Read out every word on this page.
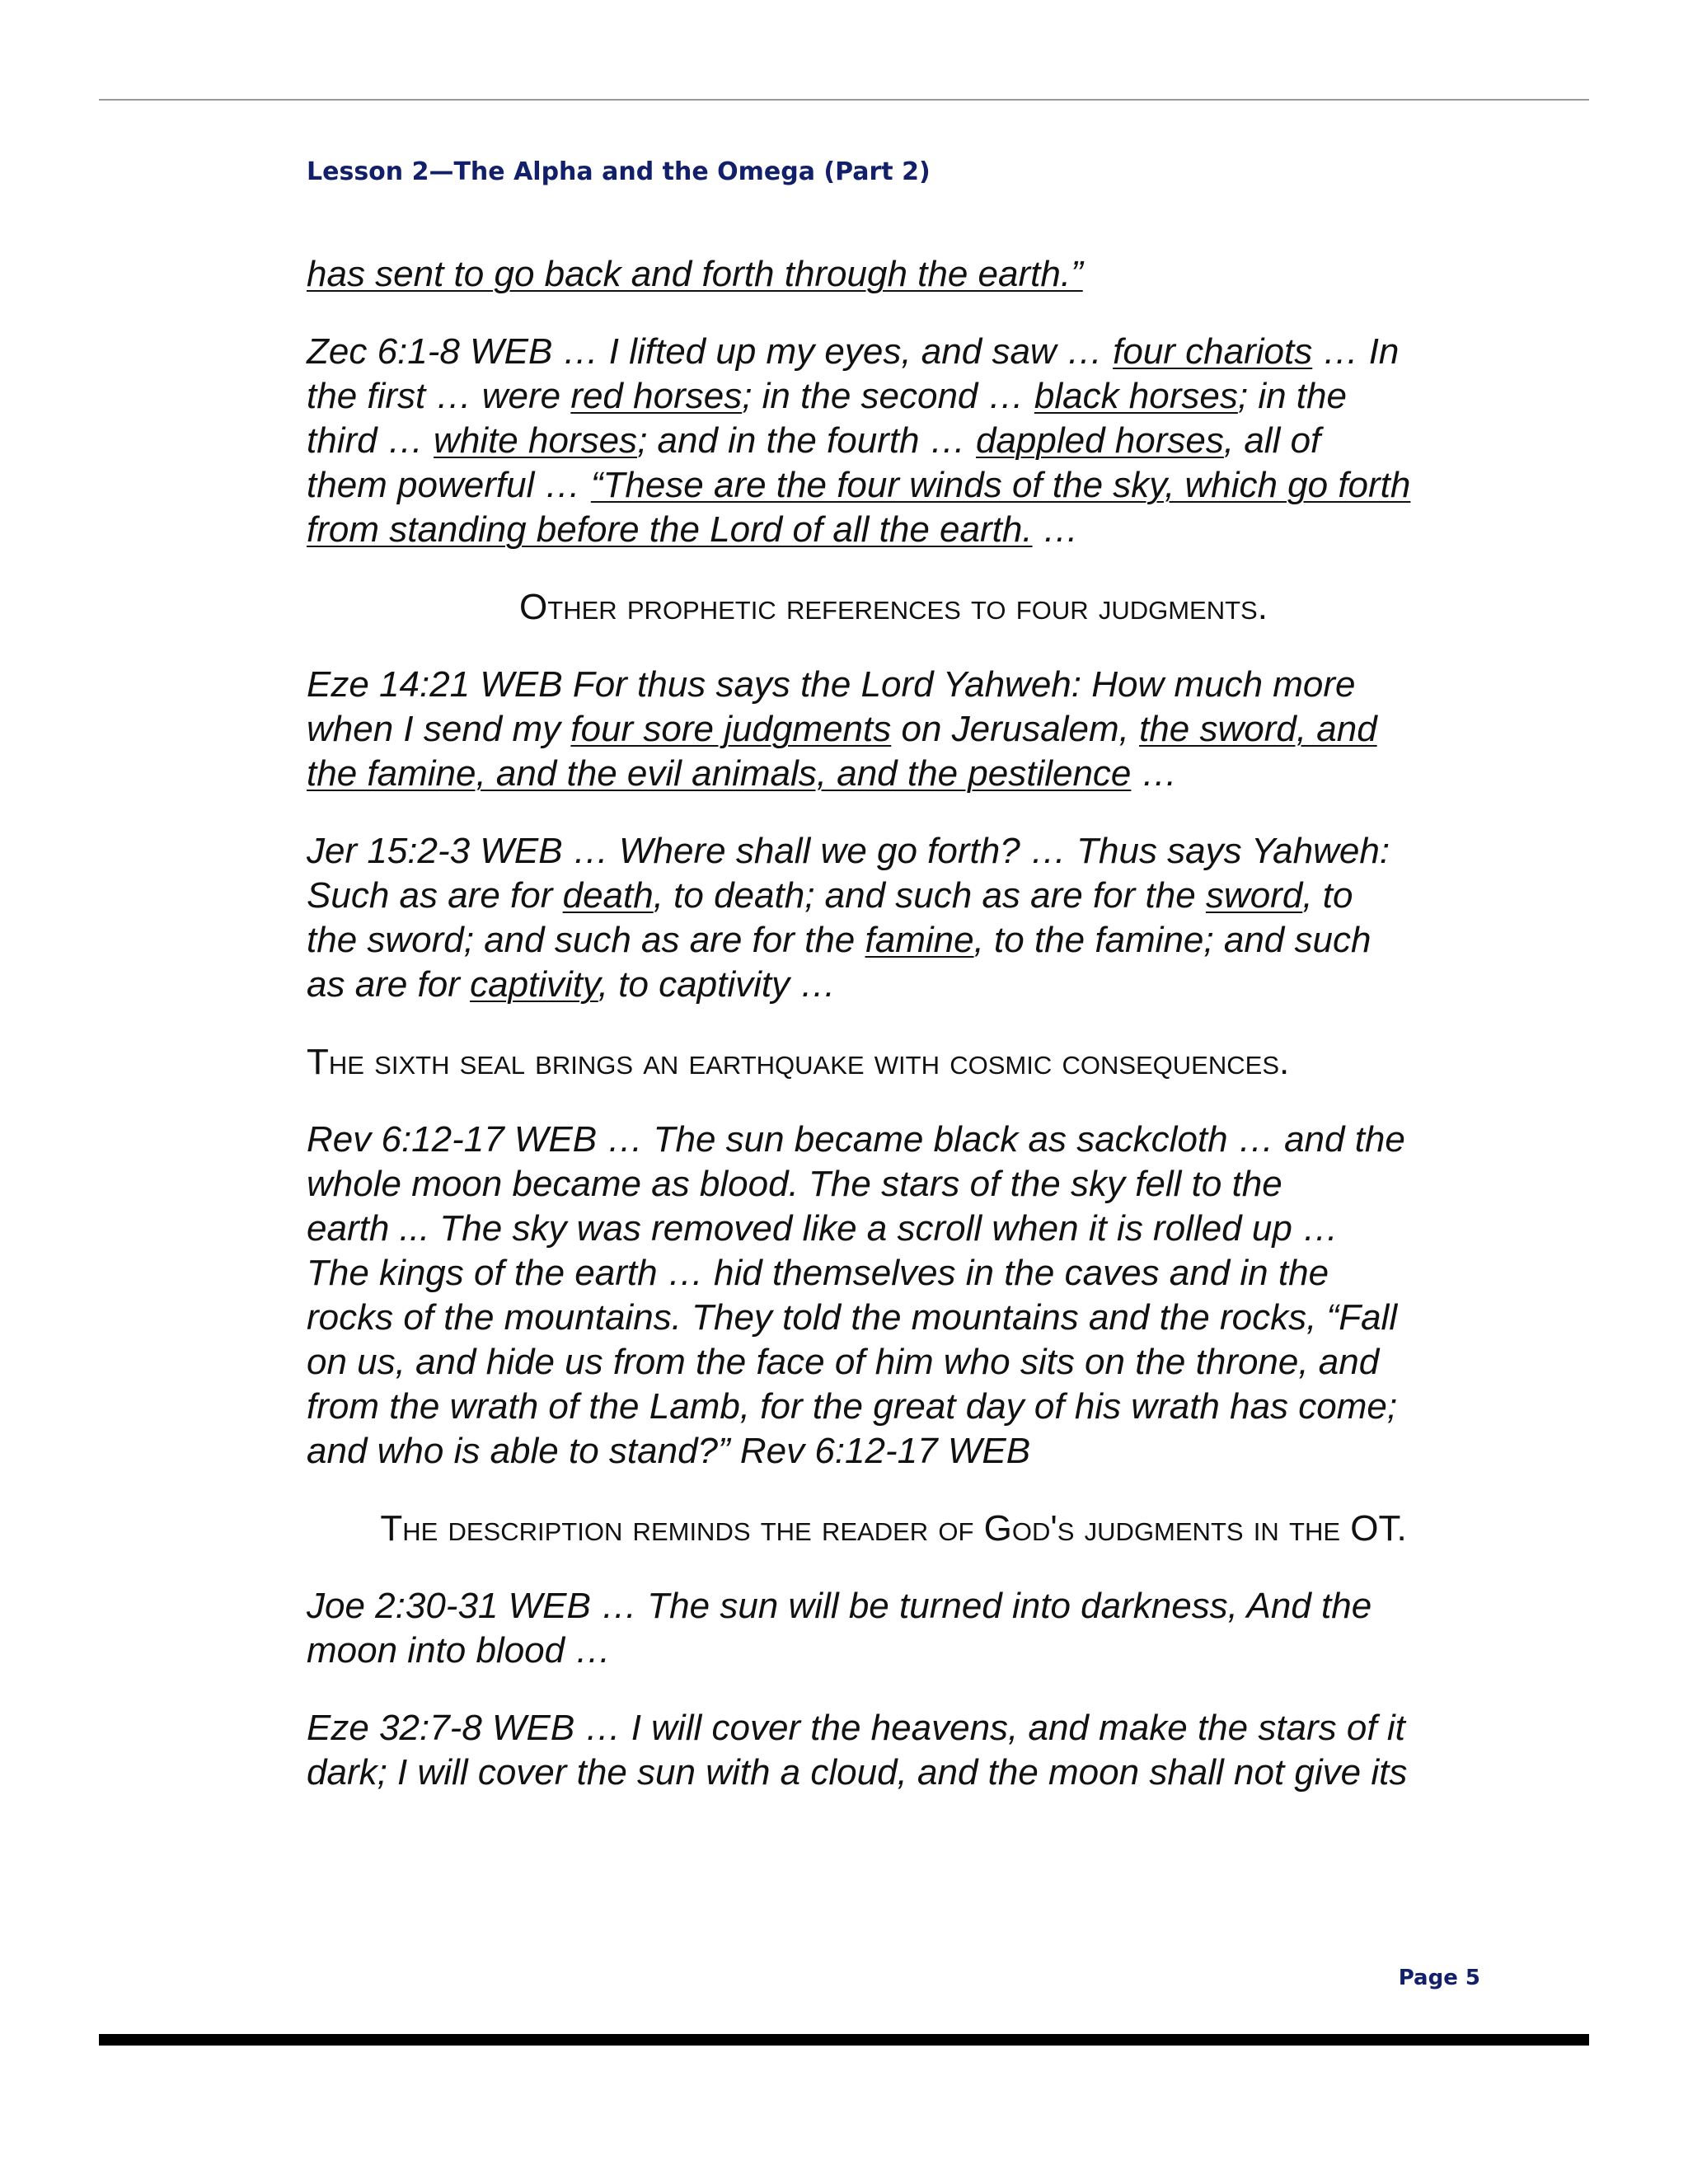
Lesson 2—The Alpha and the Omega (Part 2)
has sent to go back and forth through the earth.”
Zec 6:1-8 WEB … I lifted up my eyes, and saw … four chariots … In
the first … were red horses; in the second … black horses; in the
third … white horses; and in the fourth … dappled horses, all of
them powerful … “These are the four winds of the sky, which go forth
from standing before the Lord of all the earth. …
Other prophetic references to four judgments.
Eze 14:21 WEB For thus says the Lord Yahweh: How much more
when I send my four sore judgments on Jerusalem, the sword, and
the famine, and the evil animals, and the pestilence …
Jer 15:2-3 WEB … Where shall we go forth? … Thus says Yahweh:
Such as are for death, to death; and such as are for the sword, to
the sword; and such as are for the famine, to the famine; and such
as are for captivity, to captivity …
The sixth seal brings an earthquake with cosmic consequences.
Rev 6:12-17 WEB … The sun became black as sackcloth … and the
whole moon became as blood. The stars of the sky fell to the
earth ... The sky was removed like a scroll when it is rolled up …
The kings of the earth … hid themselves in the caves and in the
rocks of the mountains. They told the mountains and the rocks, “Fall
on us, and hide us from the face of him who sits on the throne, and
from the wrath of the Lamb, for the great day of his wrath has come;
and who is able to stand?” Rev 6:12-17 WEB
The description reminds the reader of God's judgments in the OT.
Joe 2:30-31 WEB … The sun will be turned into darkness, And the
moon into blood …
Eze 32:7-8 WEB … I will cover the heavens, and make the stars of it
dark; I will cover the sun with a cloud, and the moon shall not give its
Page 5
